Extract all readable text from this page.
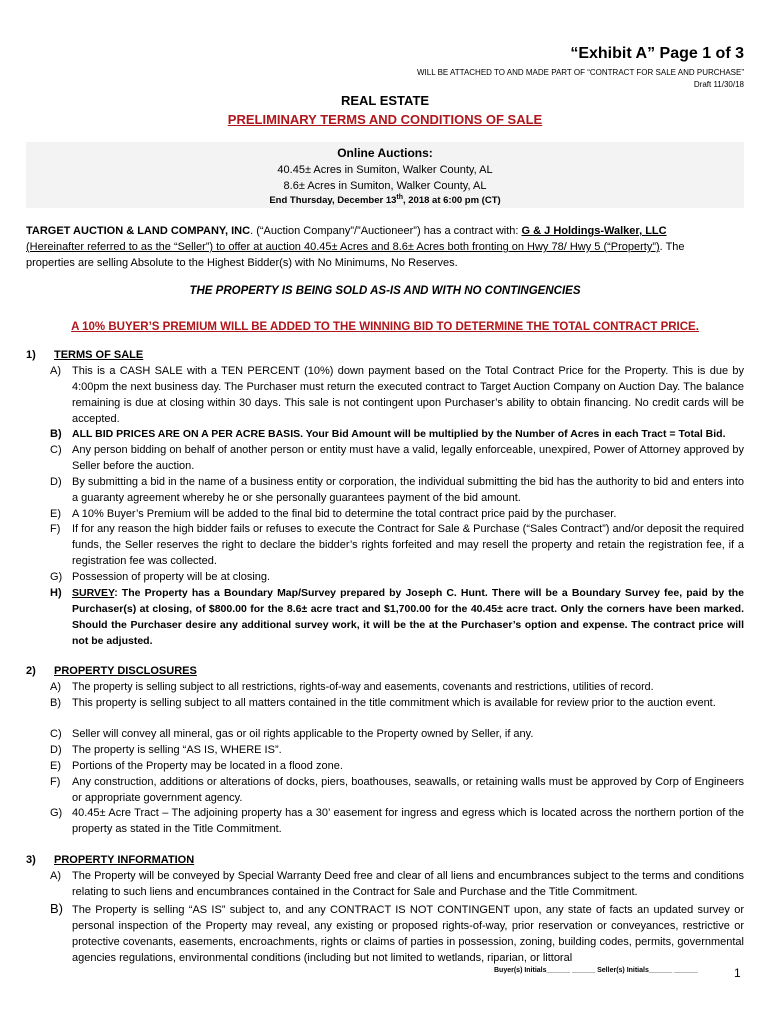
“Exhibit A” Page 1 of 3
WILL BE ATTACHED TO AND MADE PART OF “CONTRACT FOR SALE AND PURCHASE”
Draft 11/30/18
REAL ESTATE
PRELIMINARY TERMS AND CONDITIONS OF SALE
Online Auctions:
40.45± Acres in Sumiton, Walker County, AL
8.6± Acres in Sumiton, Walker County, AL
End Thursday, December 13th, 2018 at 6:00 pm (CT)
TARGET AUCTION & LAND COMPANY, INC. (“Auction Company”/”Auctioneer”) has a contract with: G & J Holdings-Walker, LLC
(Hereinafter referred to as the “Seller”) to offer at auction 40.45± Acres and 8.6± Acres both fronting on Hwy 78/ Hwy 5 (“Property”). The
properties are selling Absolute to the Highest Bidder(s) with No Minimums, No Reserves.
THE PROPERTY IS BEING SOLD AS-IS AND WITH NO CONTINGENCIES
A 10% BUYER’S PREMIUM WILL BE ADDED TO THE WINNING BID TO DETERMINE THE TOTAL CONTRACT PRICE.
1) TERMS OF SALE
A) This is a CASH SALE with a TEN PERCENT (10%) down payment based on the Total Contract Price for the Property. This is due by 4:00pm the next business day. The Purchaser must return the executed contract to Target Auction Company on Auction Day. The balance remaining is due at closing within 30 days. This sale is not contingent upon Purchaser’s ability to obtain financing. No credit cards will be accepted.
B) ALL BID PRICES ARE ON A PER ACRE BASIS. Your Bid Amount will be multiplied by the Number of Acres in each Tract = Total Bid.
C) Any person bidding on behalf of another person or entity must have a valid, legally enforceable, unexpired, Power of Attorney approved by Seller before the auction.
D) By submitting a bid in the name of a business entity or corporation, the individual submitting the bid has the authority to bid and enters into a guaranty agreement whereby he or she personally guarantees payment of the bid amount.
E) A 10% Buyer’s Premium will be added to the final bid to determine the total contract price paid by the purchaser.
F) If for any reason the high bidder fails or refuses to execute the Contract for Sale & Purchase (“Sales Contract”) and/or deposit the required funds, the Seller reserves the right to declare the bidder’s rights forfeited and may resell the property and retain the registration fee, if a registration fee was collected.
G) Possession of property will be at closing.
H) SURVEY: The Property has a Boundary Map/Survey prepared by Joseph C. Hunt. There will be a Boundary Survey fee, paid by the Purchaser(s) at closing, of $800.00 for the 8.6± acre tract and $1,700.00 for the 40.45± acre tract. Only the corners have been marked. Should the Purchaser desire any additional survey work, it will be the at the Purchaser’s option and expense. The contract price will not be adjusted.
2) PROPERTY DISCLOSURES
A) The property is selling subject to all restrictions, rights-of-way and easements, covenants and restrictions, utilities of record.
B) This property is selling subject to all matters contained in the title commitment which is available for review prior to the auction event.
C) Seller will convey all mineral, gas or oil rights applicable to the Property owned by Seller, if any.
D) The property is selling “AS IS, WHERE IS”.
E) Portions of the Property may be located in a flood zone.
F) Any construction, additions or alterations of docks, piers, boathouses, seawalls, or retaining walls must be approved by Corp of Engineers or appropriate government agency.
G) 40.45± Acre Tract – The adjoining property has a 30’ easement for ingress and egress which is located across the northern portion of the property as stated in the Title Commitment.
3) PROPERTY INFORMATION
A) The Property will be conveyed by Special Warranty Deed free and clear of all liens and encumbrances subject to the terms and conditions relating to such liens and encumbrances contained in the Contract for Sale and Purchase and the Title Commitment.
B) The Property is selling “AS IS” subject to, and any CONTRACT IS NOT CONTINGENT upon, any state of facts an updated survey or personal inspection of the Property may reveal, any existing or proposed rights-of-way, prior reservation or conveyances, restrictive or protective covenants, easements, encroachments, rights or claims of parties in possession, zoning, building codes, permits, governmental agencies regulations, environmental conditions (including but not limited to wetlands, riparian, or littoral
Buyer(s) Initials______ ______ Seller(s) Initials______ ______	1
